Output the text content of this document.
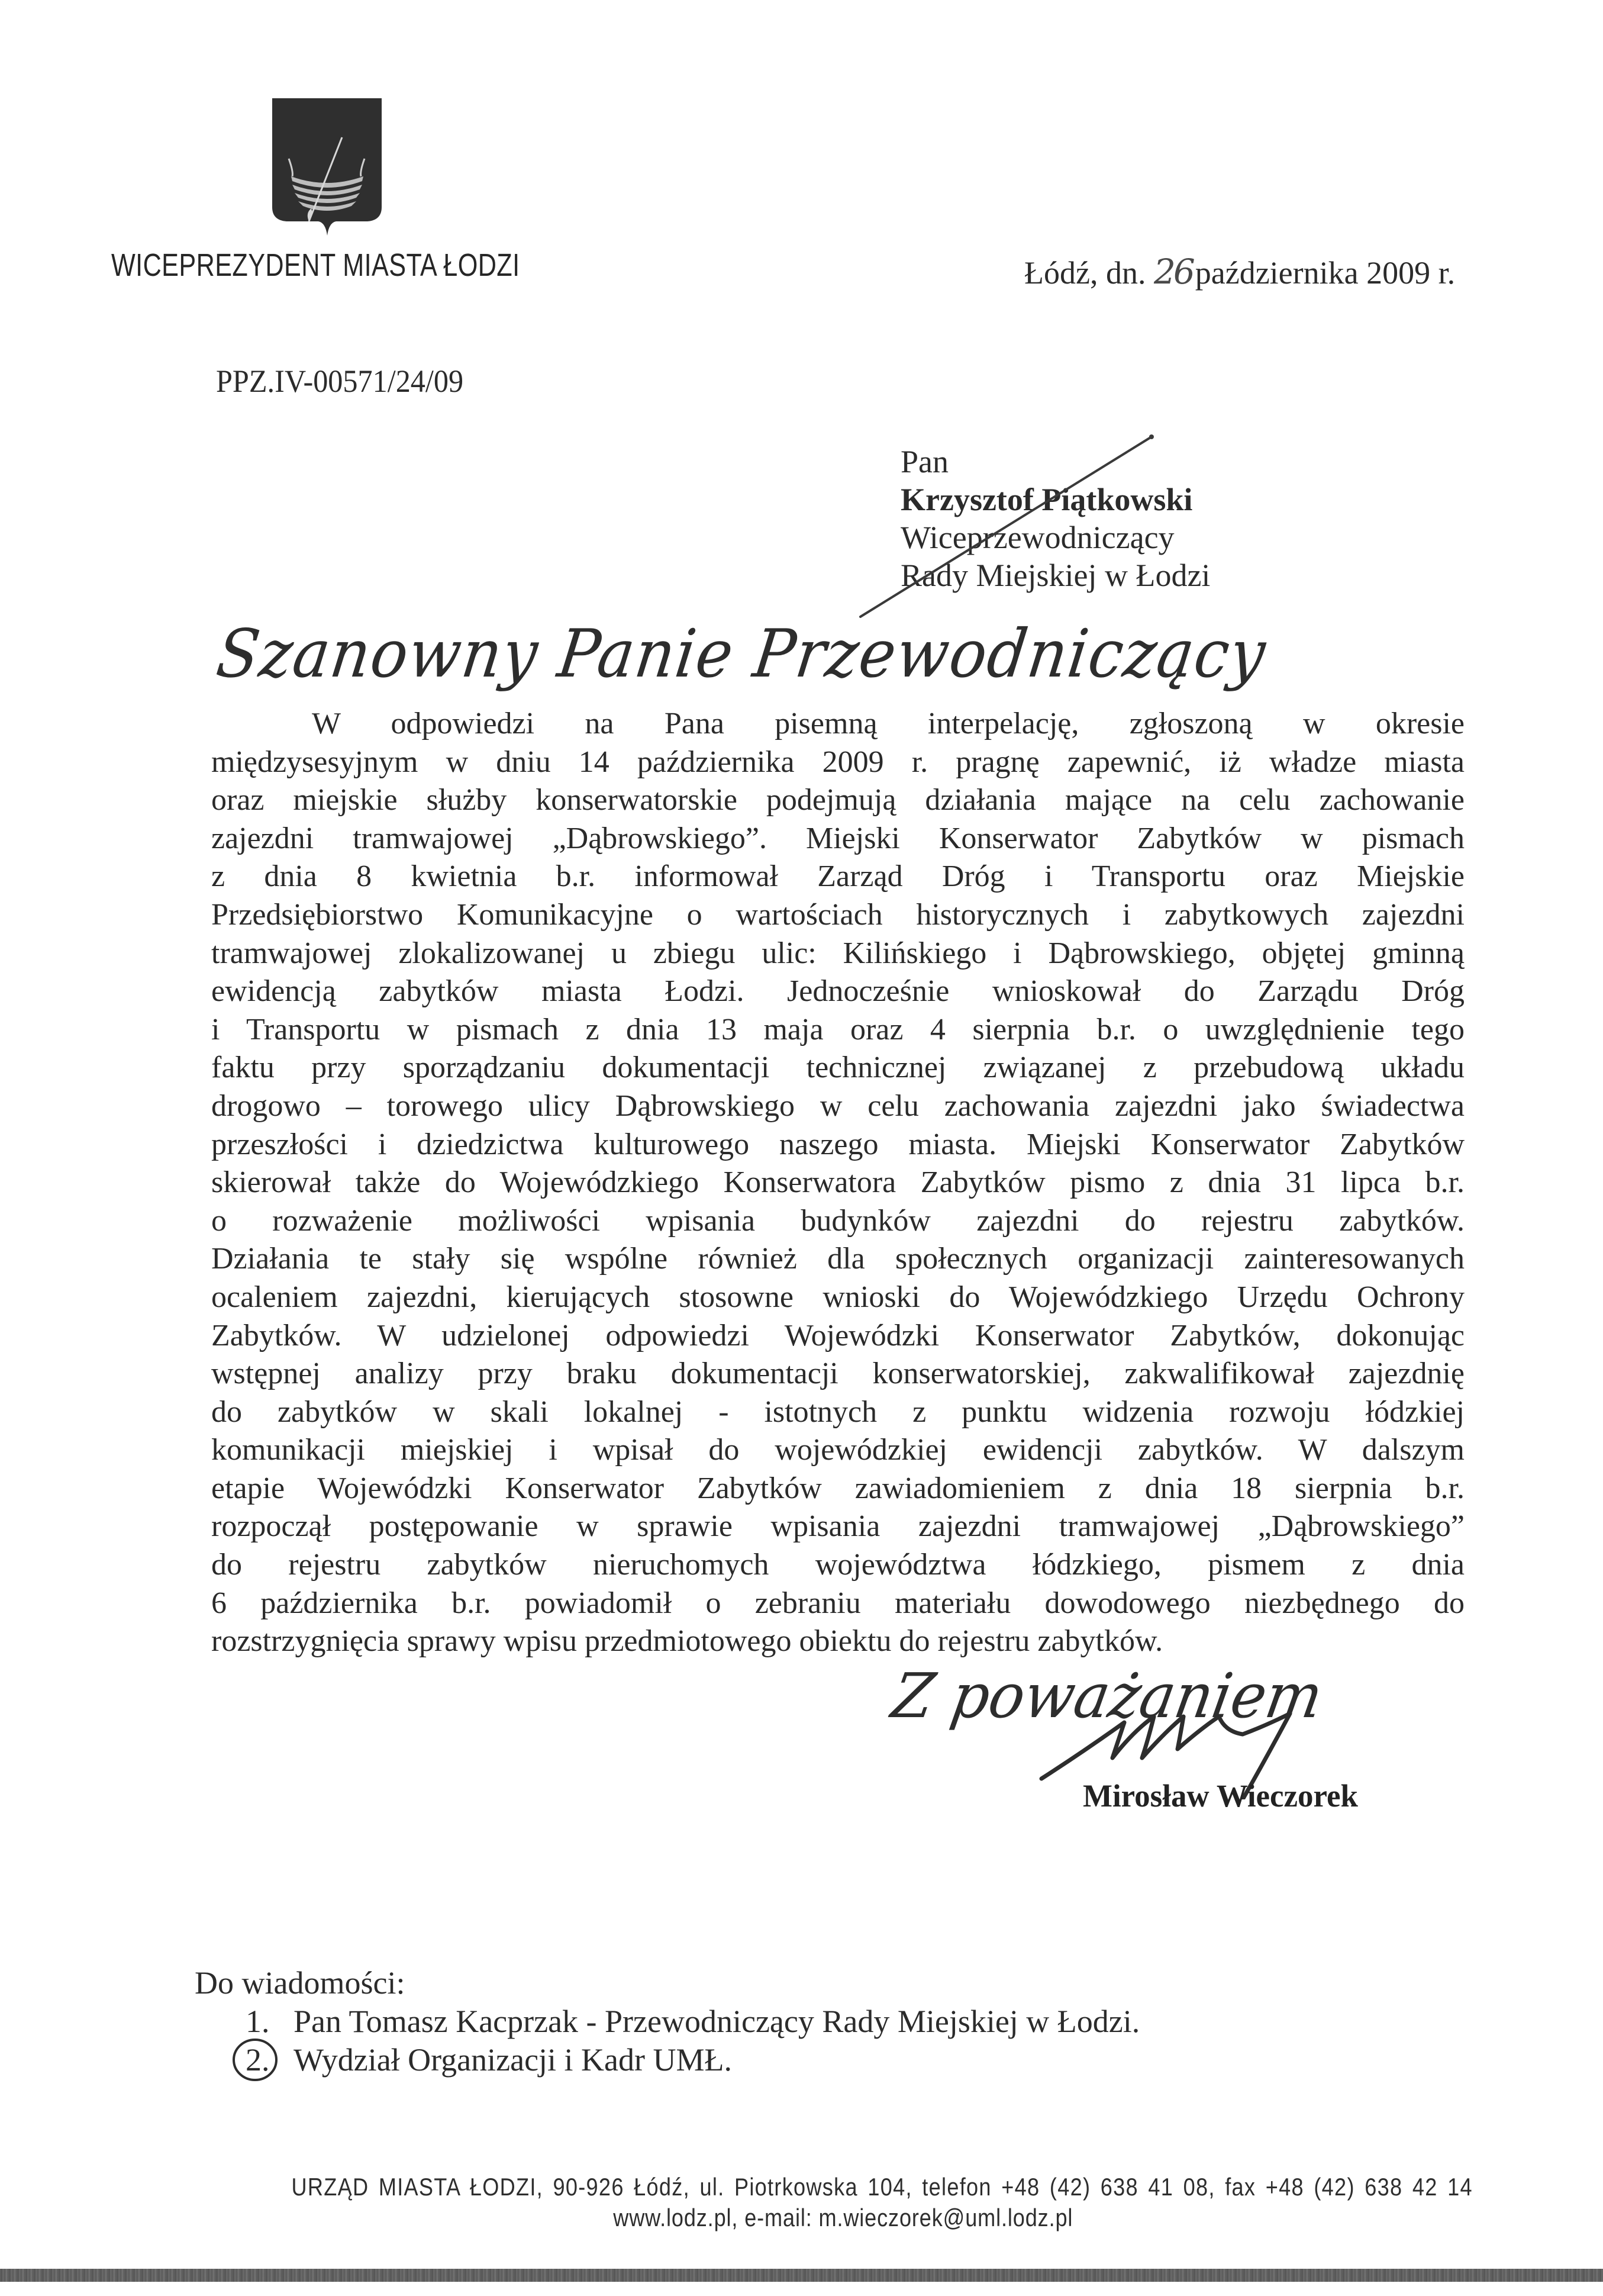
WICEPREZYDENT MIASTA ŁODZI	Łódź, dn. 26października 2009 r.
PPZ.IV-00571/24/09
Pan
Krzysztof Piątkowski
Wiceprzewodniczący
Rady Miejskiej w Łodzi
Szanowny Panie Przewodniczący
W odpowiedzi na Pana pisemną interpelację, zgłoszoną w okresie
międzysesyjnym w dniu 14 października 2009 r. pragnę zapewnić, iż władze miasta
oraz miejskie służby konserwatorskie podejmują działania mające na celu zachowanie
zajezdni tramwajowej „Dąbrowskiego”. Miejski Konserwator Zabytków w pismach
z dnia 8 kwietnia b.r. informował Zarząd Dróg i Transportu oraz Miejskie
Przedsiębiorstwo Komunikacyjne o wartościach historycznych i zabytkowych zajezdni
tramwajowej zlokalizowanej u zbiegu ulic: Kilińskiego i Dąbrowskiego, objętej gminną
ewidencją zabytków miasta Łodzi. Jednocześnie wnioskował do Zarządu Dróg
i Transportu w pismach z dnia 13 maja oraz 4 sierpnia b.r. o uwzględnienie tego
faktu przy sporządzaniu dokumentacji technicznej związanej z przebudową układu
drogowo – torowego ulicy Dąbrowskiego w celu zachowania zajezdni jako świadectwa
przeszłości i dziedzictwa kulturowego naszego miasta. Miejski Konserwator Zabytków
skierował także do Wojewódzkiego Konserwatora Zabytków pismo z dnia 31 lipca b.r.
o rozważenie możliwości wpisania budynków zajezdni do rejestru zabytków.
Działania te stały się wspólne również dla społecznych organizacji zainteresowanych
ocaleniem zajezdni, kierujących stosowne wnioski do Wojewódzkiego Urzędu Ochrony
Zabytków. W udzielonej odpowiedzi Wojewódzki Konserwator Zabytków, dokonując
wstępnej analizy przy braku dokumentacji konserwatorskiej, zakwalifikował zajezdnię
do zabytków w skali lokalnej - istotnych z punktu widzenia rozwoju łódzkiej
komunikacji miejskiej i wpisał do wojewódzkiej ewidencji zabytków. W dalszym
etapie Wojewódzki Konserwator Zabytków zawiadomieniem z dnia 18 sierpnia b.r.
rozpoczął postępowanie w sprawie wpisania zajezdni tramwajowej „Dąbrowskiego”
do rejestru zabytków nieruchomych województwa łódzkiego, pismem z dnia
6 października b.r. powiadomił o zebraniu materiału dowodowego niezbędnego do
rozstrzygnięcia sprawy wpisu przedmiotowego obiektu do rejestru zabytków.
Z poważaniem
Mirosław Wieczorek
Do wiadomości:
1. Pan Tomasz Kacprzak - Przewodniczący Rady Miejskiej w Łodzi.
2. Wydział Organizacji i Kadr UMŁ.
URZĄD MIASTA ŁODZI, 90-926 Łódź, ul. Piotrkowska 104, telefon +48 (42) 638 41 08, fax +48 (42) 638 42 14
www.lodz.pl, e-mail: m.wieczorek@uml.lodz.pl
